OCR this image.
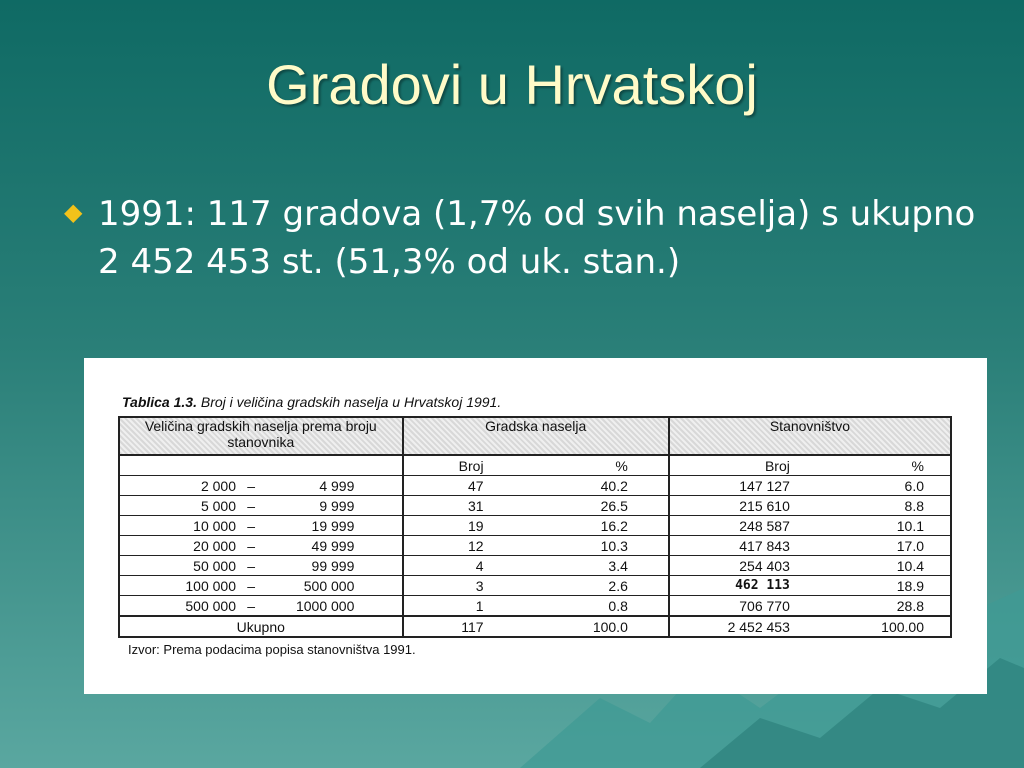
Gradovi u Hrvatskoj
◆ 1991: 117 gradova (1,7% od svih naselja) s ukupno 2 452 453 st. (51,3% od uk. stan.)
Tablica 1.3. Broj i veličina gradskih naselja u Hrvatskoj 1991.
Veličina gradskih naselja prema broju stanovnika	Gradska naselja	Stanovništvo

	Broj %	Broj %

2 000 – 4 999	47 40.2	147 127 6.0

5 000 – 9 999	31 26.5	215 610 8.8

10 000 – 19 999	19 16.2	248 587 10.1

20 000 – 49 999	12 10.3	417 843 17.0

50 000 – 99 999	4 3.4	254 403 10.4

100 000 – 500 000	3 2.6	462 113 18.9

500 000 – 1000 000	1 0.8	706 770 28.8

Ukupno	117 100.0	2 452 453 100.00
Izvor: Prema podacima popisa stanovništva 1991.
